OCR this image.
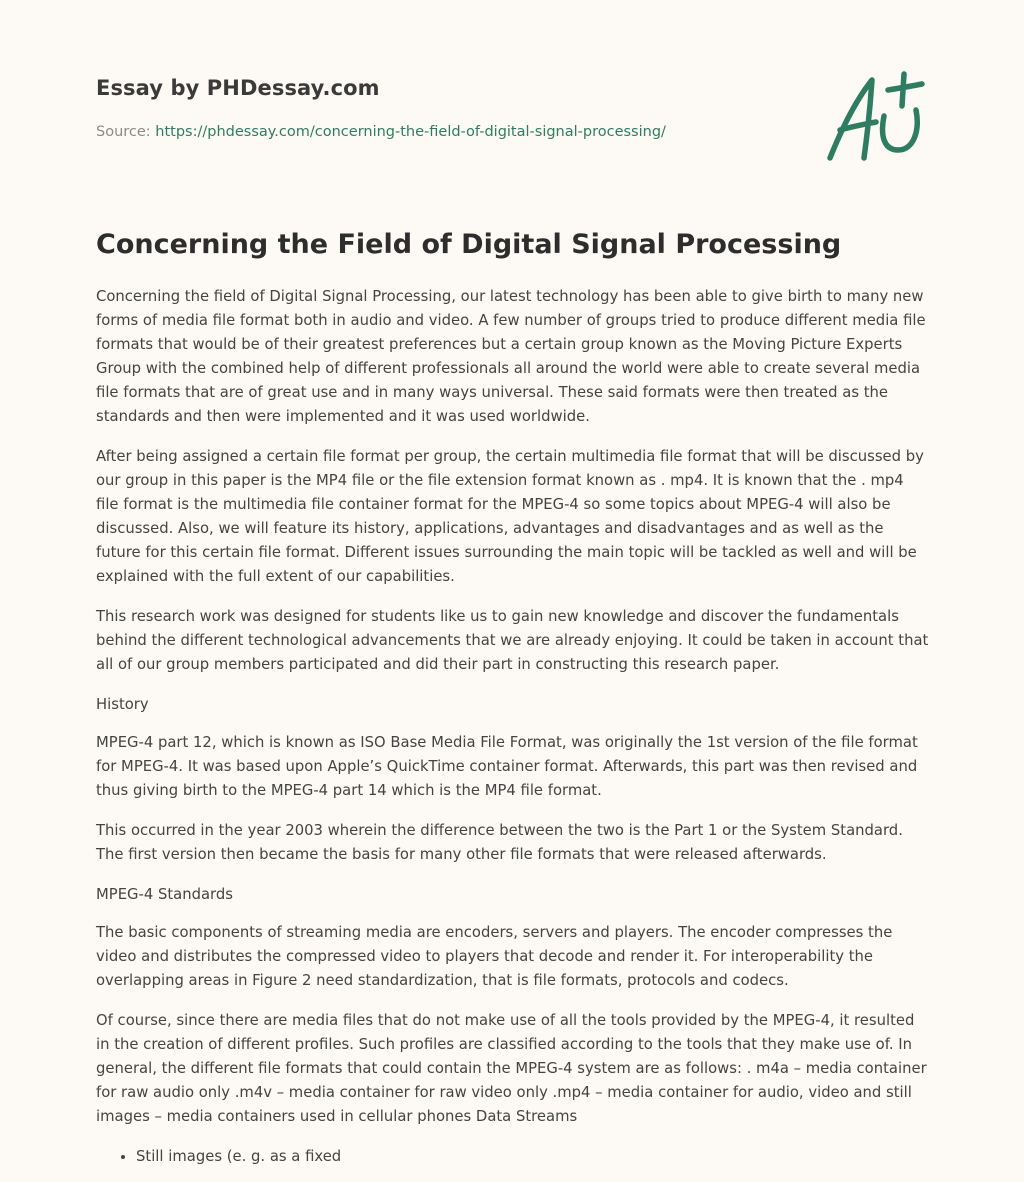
Essay by PHDessay.com
Source: https://phdessay.com/concerning-the-field-of-digital-signal-processing/
Concerning the Field of Digital Signal Processing

Concerning the field of Digital Signal Processing, our latest technology has been able to give birth to many new forms of media file format both in audio and video. A few number of groups tried to produce different media file formats that would be of their greatest preferences but a certain group known as the Moving Picture Experts Group with the combined help of different professionals all around the world were able to create several media file formats that are of great use and in many ways universal. These said formats were then treated as the standards and then were implemented and it was used worldwide.

After being assigned a certain file format per group, the certain multimedia file format that will be discussed by our group in this paper is the MP4 file or the file extension format known as . mp4. It is known that the . mp4 file format is the multimedia file container format for the MPEG-4 so some topics about MPEG-4 will also be discussed. Also, we will feature its history, applications, advantages and disadvantages and as well as the future for this certain file format. Different issues surrounding the main topic will be tackled as well and will be explained with the full extent of our capabilities.

This research work was designed for students like us to gain new knowledge and discover the fundamentals behind the different technological advancements that we are already enjoying. It could be taken in account that all of our group members participated and did their part in constructing this research paper.

History

MPEG-4 part 12, which is known as ISO Base Media File Format, was originally the 1st version of the file format for MPEG-4. It was based upon Apple’s QuickTime container format. Afterwards, this part was then revised and thus giving birth to the MPEG-4 part 14 which is the MP4 file format.

This occurred in the year 2003 wherein the difference between the two is the Part 1 or the System Standard. The first version then became the basis for many other file formats that were released afterwards.

MPEG-4 Standards

The basic components of streaming media are encoders, servers and players. The encoder compresses the video and distributes the compressed video to players that decode and render it. For interoperability the overlapping areas in Figure 2 need standardization, that is file formats, protocols and codecs.

Of course, since there are media files that do not make use of all the tools provided by the MPEG-4, it resulted in the creation of different profiles. Such profiles are classified according to the tools that they make use of. In general, the different file formats that could contain the MPEG-4 system are as follows: . m4a – media container for raw audio only .m4v – media container for raw video only .mp4 – media container for audio, video and still images – media containers used in cellular phones Data Streams

• Still images (e. g. as a fixed
